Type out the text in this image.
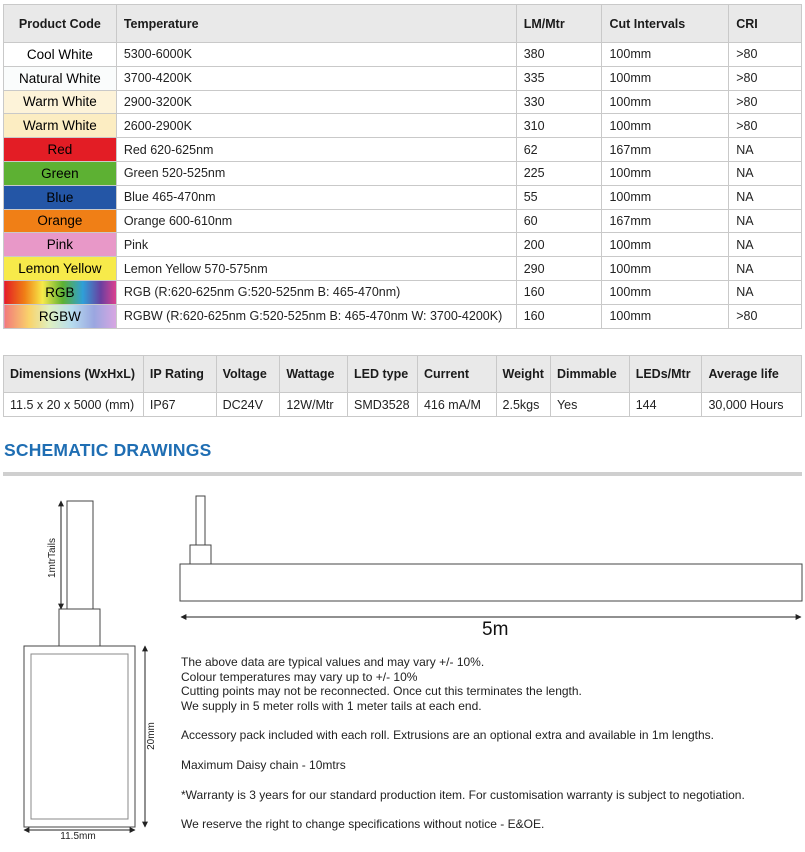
Product Code	Temperature	LM/Mtr	Cut Intervals	CRI
Cool White	5300-6000K	380	100mm	>80
Natural White	3700-4200K	335	100mm	>80
Warm White	2900-3200K	330	100mm	>80
Warm White	2600-2900K	310	100mm	>80
Red	Red 620-625nm	62	167mm	NA
Green	Green 520-525nm	225	100mm	NA
Blue	Blue 465-470nm	55	100mm	NA
Orange	Orange 600-610nm	60	167mm	NA
Pink	Pink	200	100mm	NA
Lemon Yellow	Lemon Yellow 570-575nm	290	100mm	NA
RGB	RGB (R:620-625nm G:520-525nm B: 465-470nm)	160	100mm	NA
RGBW	RGBW (R:620-625nm G:520-525nm B: 465-470nm W: 3700-4200K)	160	100mm	>80
Dimensions (WxHxL)	IP Rating	Voltage	Wattage	LED type	Current	Weight	Dimmable	LEDs/Mtr	Average life
11.5 x 20 x 5000 (mm)	IP67	DC24V	12W/Mtr	SMD3528	416 mA/M	2.5kgs	Yes	144	30,000 Hours
SCHEMATIC DRAWINGS
1mtrTails
20mm
11.5mm
5m

The above data are typical values and may vary +/- 10%.
Colour temperatures may vary up to +/- 10%
Cutting points may not be reconnected. Once cut this terminates the length.
We supply in 5 meter rolls with 1 meter tails at each end.

Accessory pack included with each roll. Extrusions are an optional extra and available in 1m lengths.

Maximum Daisy chain - 10mtrs

*Warranty is 3 years for our standard production item. For customisation warranty is subject to negotiation.

We reserve the right to change specifications without notice - E&OE.
